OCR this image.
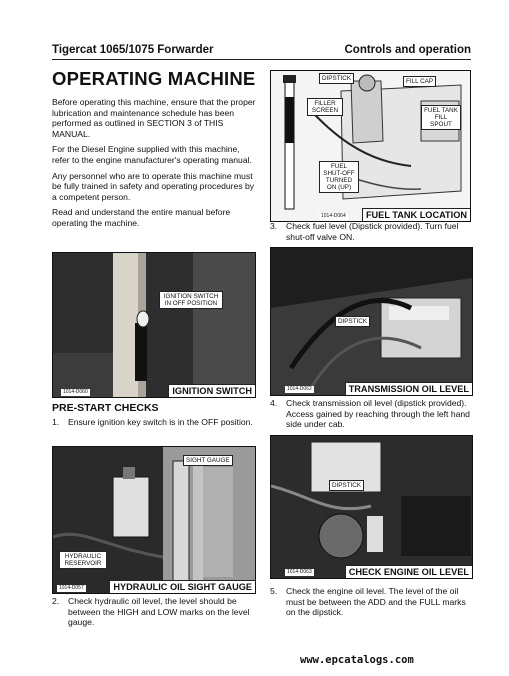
Tigercat 1065/1075 Forwarder	Controls and operation
OPERATING MACHINE

Before operating this machine, ensure that the proper lubrication and maintenance schedule has been performed as outlined in SECTION 3 of THIS MANUAL.

For the Diesel Engine supplied with this machine, refer to the engine manufacturer's operating manual.

Any personnel who are to operate this machine must be fully trained in safety and operating procedures by a competent person.

Read and understand the entire manual before operating the machine.

DIPSTICK	FILL CAP
FILLER SCREEN	FUEL TANK FILL SPOUT
FUEL SHUT-OFF TURNED ON (UP)
1014-D064	FUEL TANK LOCATION
3.	Check fuel level (Dipstick provided). Turn fuel shut-off valve ON.
IGNITION SWITCH IN OFF POSITION
1014-D060	IGNITION SWITCH
PRE-START CHECKS
1.	Ensure ignition key switch is in the OFF position.
SIGHT GAUGE
HYDRAULIC RESERVOIR
1014-D057	HYDRAULIC OIL SIGHT GAUGE
2.	Check hydraulic oil level, the level should be between the HIGH and LOW marks on the level gauge.
DIPSTICK
1014-D062	TRANSMISSION OIL LEVEL
4.	Check transmission oil level (dipstick provided). Access gained by reaching through the left hand side under cab.
DIPSTICK
1014-D063	CHECK ENGINE OIL LEVEL
5.	Check the engine oil level. The level of the oil must be between the ADD and the FULL marks on the dipstick.
www.epcatalogs.com
